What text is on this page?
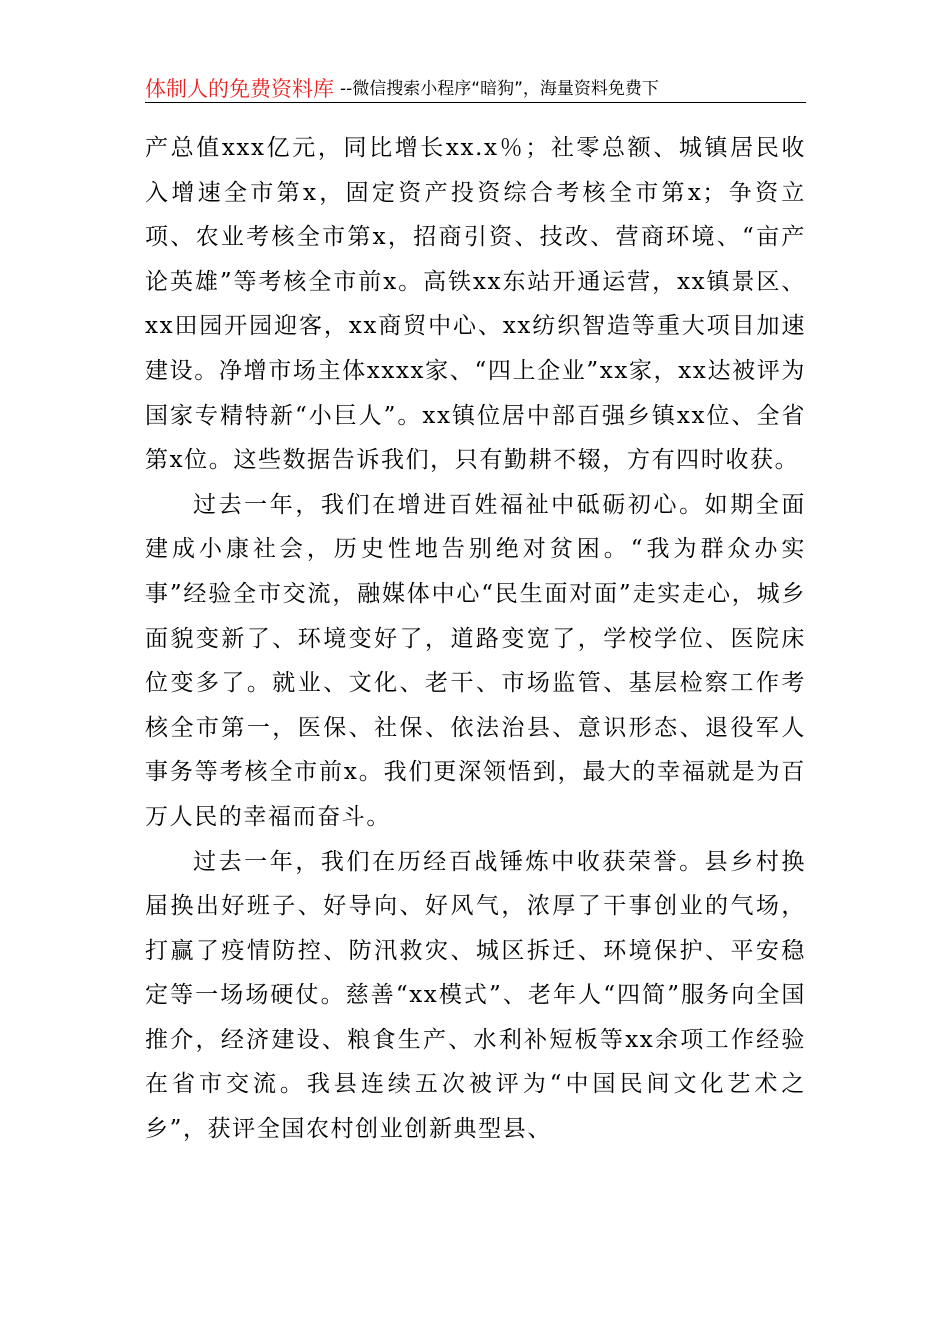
体制人的免费资料库 --微信搜索小程序“暗狗”，海量资料免费下

产总值xxx亿元，同比增长xx.x％；社零总额、城镇居民收入增速全市第x，固定资产投资综合考核全市第x；争资立项、农业考核全市第x，招商引资、技改、营商环境、“亩产论英雄”等考核全市前x。高铁xx东站开通运营，xx镇景区、xx田园开园迎客，xx商贸中心、xx纺织智造等重大项目加速建设。净增市场主体xxxx家、“四上企业”xx家，xx达被评为国家专精特新“小巨人”。xx镇位居中部百强乡镇xx位、全省第x位。这些数据告诉我们，只有勤耕不辍，方有四时收获。

过去一年，我们在增进百姓福祉中砥砺初心。如期全面建成小康社会，历史性地告别绝对贫困。“我为群众办实事”经验全市交流，融媒体中心“民生面对面”走实走心，城乡面貌变新了、环境变好了，道路变宽了，学校学位、医院床位变多了。就业、文化、老干、市场监管、基层检察工作考核全市第一，医保、社保、依法治县、意识形态、退役军人事务等考核全市前x。我们更深领悟到，最大的幸福就是为百万人民的幸福而奋斗。

过去一年，我们在历经百战锤炼中收获荣誉。县乡村换届换出好班子、好导向、好风气，浓厚了干事创业的气场，打赢了疫情防控、防汛救灾、城区拆迁、环境保护、平安稳定等一场场硬仗。慈善“xx模式”、老年人“四简”服务向全国推介，经济建设、粮食生产、水利补短板等xx余项工作经验在省市交流。我县连续五次被评为“中国民间文化艺术之乡”，获评全国农村创业创新典型县、
